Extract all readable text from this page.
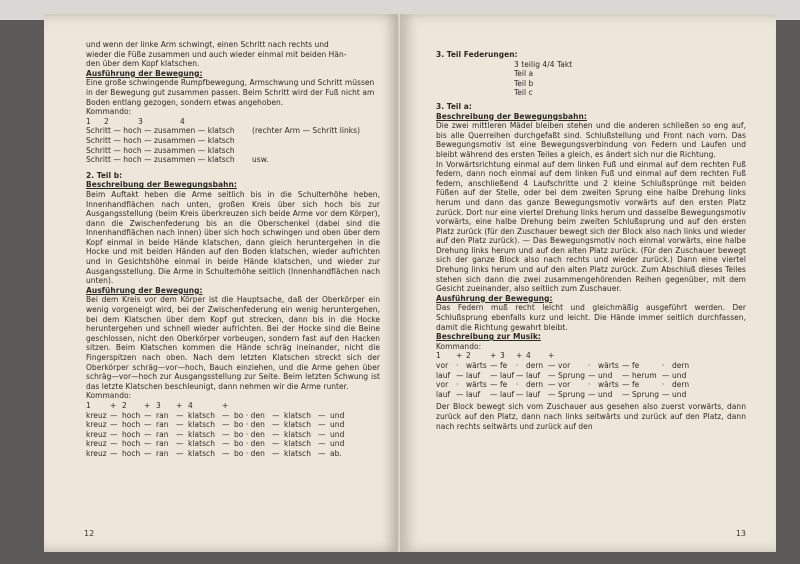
und wenn der linke Arm schwingt, einen Schritt nach rechts und

wieder die Füße zusammen und auch wieder einmal mit beiden Hän-

den über dem Kopf klatschen.

Ausführung der Bewegung:

Eine große schwingende Rumpfbewegung, Armschwung und Schritt müssen in der Bewegung gut zusammen passen. Beim Schritt wird der Fuß nicht am Boden entlang gezogen, sondern etwas angehoben.

Kommando:

1	2	3	4
Schritt — hoch — zusammen — klatsch	(rechter Arm — Schritt links)
Schritt — hoch — zusammen — klatsch
Schritt — hoch — zusammen — klatsch
Schritt — hoch — zusammen — klatsch	usw.

2. Teil b:

Beschreibung der Bewegungsbahn:

Beim Auftakt heben die Arme seitlich bis in die Schulterhöhe heben, Innenhandflächen nach unten, großen Kreis über sich hoch bis zur Ausgangsstellung (beim Kreis überkreuzen sich beide Arme vor dem Körper), dann die Zwischenfederung bis an die Oberschenkel (dabei sind die Innenhandflächen nach innen) über sich hoch schwingen und oben über dem Kopf einmal in beide Hände klatschen, dann gleich heruntergehen in die Hocke und mit beiden Händen auf den Boden klatschen, wieder aufrichten und in Gesichtshöhe einmal in beide Hände klatschen, und wieder zur Ausgangsstellung. Die Arme in Schulterhöhe seitlich (Innenhandflächen nach unten).

Ausführung der Bewegung:

Bei dem Kreis vor dem Körper ist die Hauptsache, daß der Oberkörper ein wenig vorgeneigt wird, bei der Zwischenfederung ein wenig heruntergehen, bei dem Klatschen über dem Kopf gut strecken, dann bis in die Hocke heruntergehen und schnell wieder aufrichten. Bei der Hocke sind die Beine geschlossen, nicht den Oberkörper vorbeugen, sondern fast auf den Hacken sitzen. Beim Klatschen kommen die Hände schräg ineinander, nicht die Fingerspitzen nach oben. Nach dem letzten Klatschen streckt sich der Oberkörper schräg—vor—hoch, Bauch einziehen, und die Arme gehen über schräg—vor—hoch zur Ausgangsstellung zur Seite. Beim letzten Schwung ist das letzte Klatschen beschleunigt, dann nehmen wir die Arme runter.

Kommando:

1	+ 2	+ 3	+ 4	+
kreuz — hoch — ran — klatsch — bo · den — klatsch — und
kreuz — hoch — ran — klatsch — bo · den — klatsch — und
kreuz — hoch — ran — klatsch — bo · den — klatsch — und
kreuz — hoch — ran — klatsch — bo · den — klatsch — und
kreuz — hoch — ran — klatsch — bo · den — klatsch — ab.
12

3. Teil Federungen:

3 teilig 4/4 Takt

Teil a

Teil b

Teil c

3. Teil a:

Beschreibung der Bewegungsbahn:

Die zwei mittleren Mädel bleiben stehen und die anderen schließen so eng auf, bis alle Querreihen durchgefaßt sind. Schlußstellung und Front nach vorn. Das Bewegungsmotiv ist eine Bewegungsverbindung von Federn und Laufen und bleibt während des ersten Teiles a gleich, es ändert sich nur die Richtung.

In Vorwärtsrichtung einmal auf dem linken Fuß und einmal auf dem rechten Fuß federn, dann noch einmal auf dem linken Fuß und einmal auf dem rechten Fuß federn, anschließend 4 Laufschritte und 2 kleine Schlußsprünge mit beiden Füßen auf der Stelle, oder bei dem zweiten Sprung eine halbe Drehung links herum und dann das ganze Bewegungsmotiv vorwärts auf den ersten Platz zurück. Dort nur eine viertel Drehung links herum und dasselbe Bewegungsmotiv vorwärts, eine halbe Drehung beim zweiten Schlußsprung und auf den ersten Platz zurück (für den Zuschauer bewegt sich der Block also nach links und wieder auf den Platz zurück). — Das Bewegungsmotiv noch einmal vorwärts, eine halbe Drehung links herum und auf den alten Platz zurück. (Für den Zuschauer bewegt sich der ganze Block also nach rechts und wieder zurück.) Dann eine viertel Drehung links herum und auf den alten Platz zurück. Zum Abschluß dieses Teiles stehen sich dann die zwei zusammengehörenden Reihen gegenüber, mit dem Gesicht zueinander, also seitlich zum Zuschauer.

Ausführung der Bewegung:

Das Federn muß recht leicht und gleichmäßig ausgeführt werden. Der Schlußsprung ebenfalls kurz und leicht. Die Hände immer seitlich durchfassen, damit die Richtung gewahrt bleibt.

Beschreibung zur Musik:

Kommando:

1	+ 2	+ 3	+ 4	+
vor · wärts — fe	· dern — vor	· wärts — fe	· dern
lauf — lauf	— lauf — lauf — Sprung — und	— herum — und
vor · wärts — fe	· dern — vor	· wärts — fe	· dern
lauf — lauf	— lauf — lauf — Sprung — und	— Sprung — und

Der Block bewegt sich vom Zuschauer aus gesehen also zuerst vorwärts, dann zurück auf den Platz, dann nach links seitwärts und zurück auf den Platz, dann nach rechts seitwärts und zurück auf den

13
